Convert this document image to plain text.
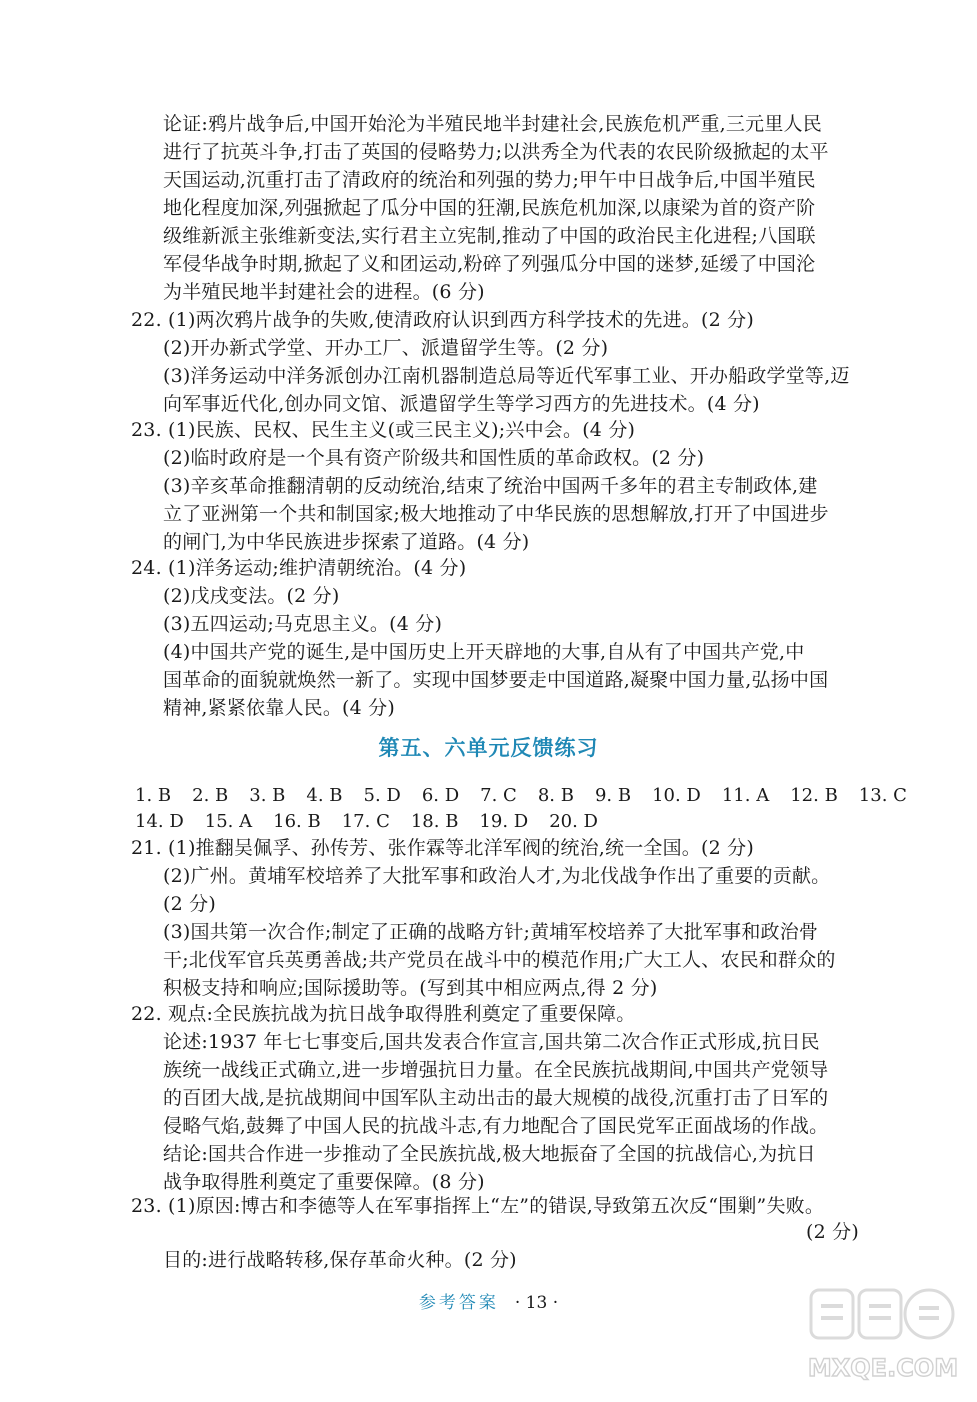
论证:鸦片战争后,中国开始沦为半殖民地半封建社会,民族危机严重,三元里人民
进行了抗英斗争,打击了英国的侵略势力;以洪秀全为代表的农民阶级掀起的太平
天国运动,沉重打击了清政府的统治和列强的势力;甲午中日战争后,中国半殖民
地化程度加深,列强掀起了瓜分中国的狂潮,民族危机加深,以康梁为首的资产阶
级维新派主张维新变法,实行君主立宪制,推动了中国的政治民主化进程;八国联
军侵华战争时期,掀起了义和团运动,粉碎了列强瓜分中国的迷梦,延缓了中国沦
为半殖民地半封建社会的进程。(6 分)
22. (1)两次鸦片战争的失败,使清政府认识到西方科学技术的先进。(2 分)
(2)开办新式学堂、开办工厂、派遣留学生等。(2 分)
(3)洋务运动中洋务派创办江南机器制造总局等近代军事工业、开办船政学堂等,迈
向军事近代化,创办同文馆、派遣留学生等学习西方的先进技术。(4 分)
23. (1)民族、民权、民生主义(或三民主义);兴中会。(4 分)
(2)临时政府是一个具有资产阶级共和国性质的革命政权。(2 分)
(3)辛亥革命推翻清朝的反动统治,结束了统治中国两千多年的君主专制政体,建
立了亚洲第一个共和制国家;极大地推动了中华民族的思想解放,打开了中国进步
的闸门,为中华民族进步探索了道路。(4 分)
24. (1)洋务运动;维护清朝统治。(4 分)
(2)戊戌变法。(2 分)
(3)五四运动;马克思主义。(4 分)
(4)中国共产党的诞生,是中国历史上开天辟地的大事,自从有了中国共产党,中
国革命的面貌就焕然一新了。实现中国梦要走中国道路,凝聚中国力量,弘扬中国
精神,紧紧依靠人民。(4 分)
第五、六单元反馈练习
1. B 2. B 3. B 4. B 5. D 6. D 7. C 8. B 9. B 10. D 11. A 12. B 13. C
14. D 15. A 16. B 17. C 18. B 19. D 20. D
21. (1)推翻吴佩孚、孙传芳、张作霖等北洋军阀的统治,统一全国。(2 分)
(2)广州。黄埔军校培养了大批军事和政治人才,为北伐战争作出了重要的贡献。
(2 分)
(3)国共第一次合作;制定了正确的战略方针;黄埔军校培养了大批军事和政治骨
干;北伐军官兵英勇善战;共产党员在战斗中的模范作用;广大工人、农民和群众的
积极支持和响应;国际援助等。(写到其中相应两点,得 2 分)
22. 观点:全民族抗战为抗日战争取得胜利奠定了重要保障。
论述:1937 年七七事变后,国共发表合作宣言,国共第二次合作正式形成,抗日民
族统一战线正式确立,进一步增强抗日力量。在全民族抗战期间,中国共产党领导
的百团大战,是抗战期间中国军队主动出击的最大规模的战役,沉重打击了日军的
侵略气焰,鼓舞了中国人民的抗战斗志,有力地配合了国民党军正面战场的作战。
结论:国共合作进一步推动了全民族抗战,极大地振奋了全国的抗战信心,为抗日
战争取得胜利奠定了重要保障。(8 分)
23. (1)原因:博古和李德等人在军事指挥上“左”的错误,导致第五次反“围剿”失败。
(2 分)
目的:进行战略转移,保存革命火种。(2 分)
参考答案 · 13 ·
MXQE.COM
